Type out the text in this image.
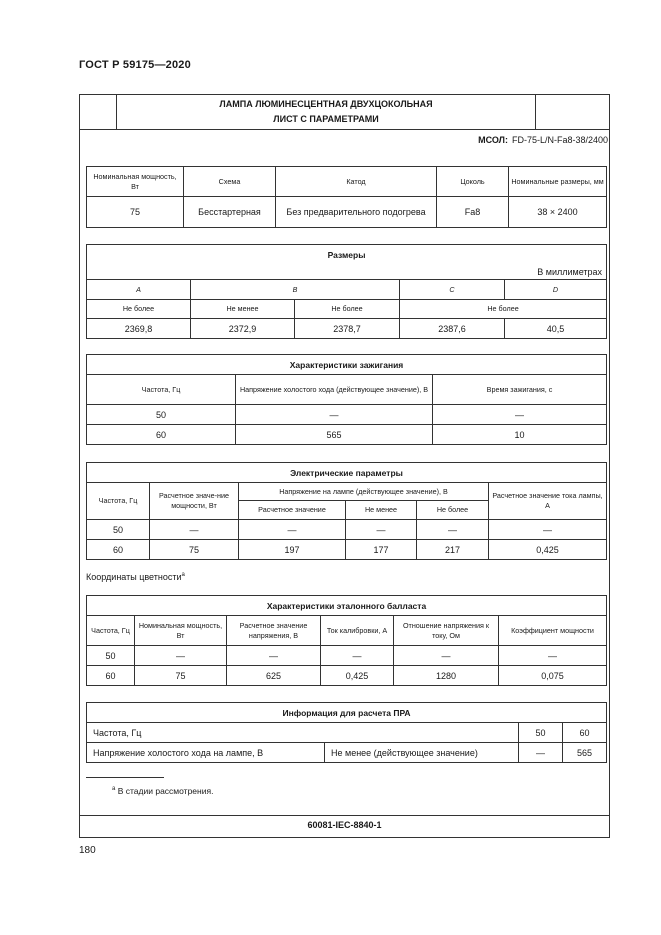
ГОСТ Р 59175—2020
ЛАМПА ЛЮМИНЕСЦЕНТНАЯ ДВУХЦОКОЛЬНАЯ
ЛИСТ С ПАРАМЕТРАМИ
МСОЛ: FD-75-L/N-Fa8-38/2400
Номинальная мощность, Вт	Схема	Катод	Цоколь	Номинальные размеры, мм
75	Бесстартерная	Без предварительного подогрева	Fa8	38 × 2400
Размеры				
В миллиметрах				
A	B		C	D
Не более	Не менее	Не более	Не более	
2369,8	2372,9	2378,7	2387,6	40,5
Характеристики зажигания		
Частота, Гц	Напряжение холостого хода (действующее значение), В	Время зажигания, с
50	—	—
60	565	10
Электрические параметры					
Частота, Гц	Расчетное значе-ние мощности, Вт	Напряжение на лампе (действующее значение), В			Расчетное значение тока лампы, А
		Расчетное значение	Не менее	Не более	
50	—	—	—	—	—
60	75	197	177	217	0,425
Координаты цветности$^а$
Характеристики эталонного балласта					
Частота, Гц	Номинальная мощность, Вт	Расчетное значение напряжения, В	Ток калибровки, А	Отношение напряжения к току, Ом	Коэффициент мощности
50	—	—	—	—	—
60	75	625	0,425	1280	0,075
Информация для расчета ПРА			
Частота, Гц		50	60
Напряжение холостого хода на лампе, В	Не менее (действующее значение)	—	565
$^а$ В стадии рассмотрения.
60081-IEC-8840-1
180
